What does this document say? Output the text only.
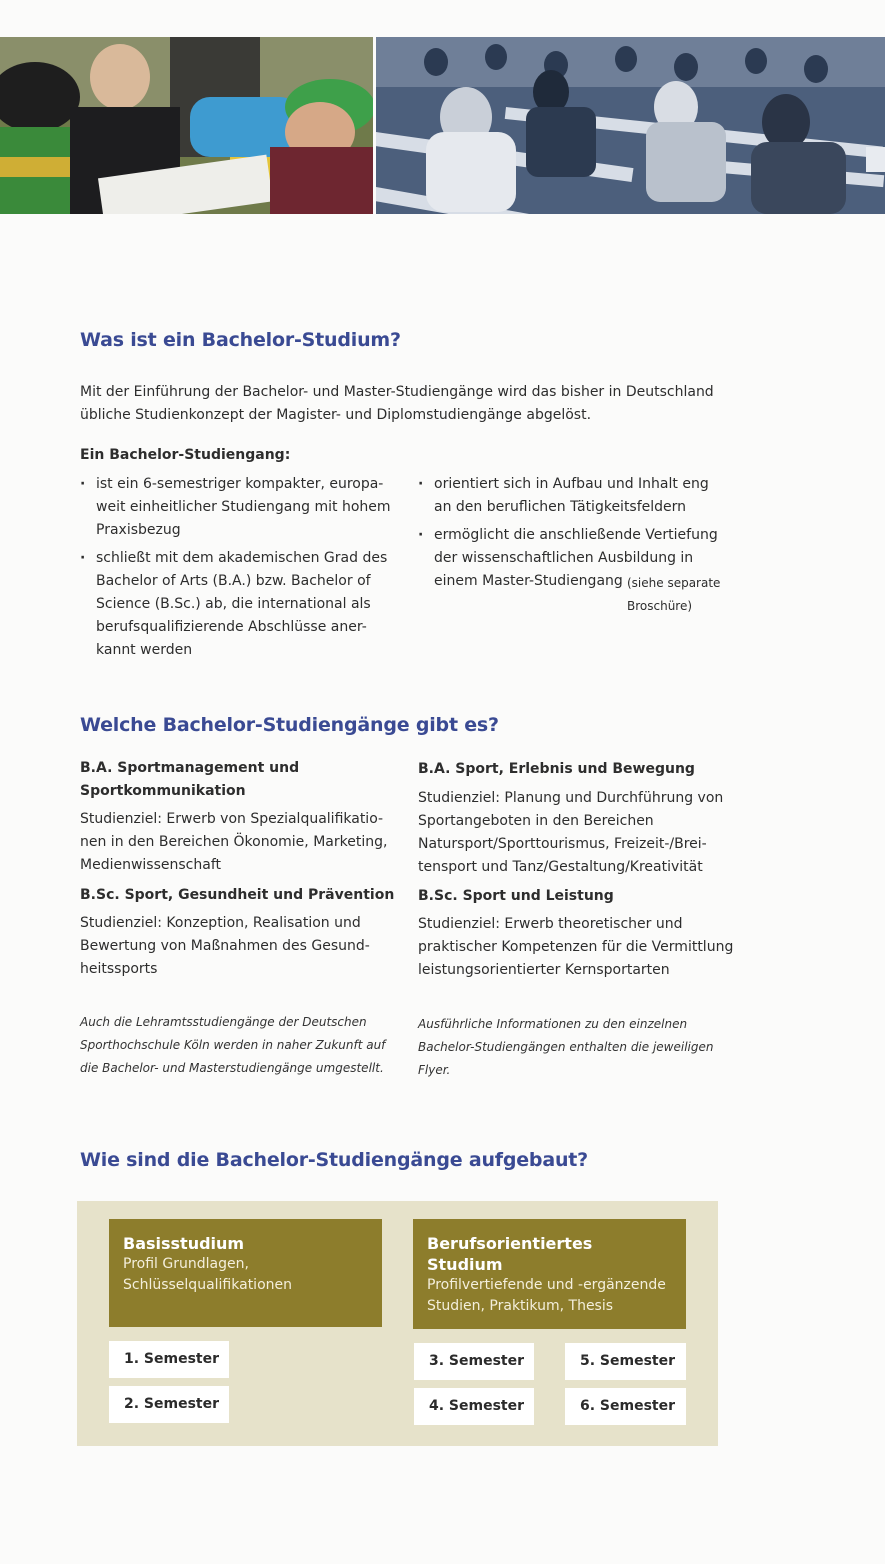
Was ist ein Bachelor-Studium?

Mit der Einführung der Bachelor- und Master-Studiengänge wird das bisher in Deutschland

übliche Studienkonzept der Magister- und Diplomstudiengänge abgelöst.

Ein Bachelor-Studiengang:

· ist ein 6-semestriger kompakter, europa-
weit einheitlicher Studiengang mit hohem
Praxisbezug
· schließt mit dem akademischen Grad des
Bachelor of Arts (B.A.) bzw. Bachelor of
Science (B.Sc.) ab, die international als
berufsqualifizierende Abschlüsse aner-
kannt werden
· orientiert sich in Aufbau und Inhalt eng
an den beruflichen Tätigkeitsfeldern
· ermöglicht die anschließende Vertiefung
der wissenschaftlichen Ausbildung in
einem Master-Studiengang (siehe separate
Broschüre)

Welche Bachelor-Studiengänge gibt es?

B.A. Sportmanagement und
Sportkommunikation

Studienziel: Erwerb von Spezialqualifikatio-
nen in den Bereichen Ökonomie, Marketing,
Medienwissenschaft

B.Sc. Sport, Gesundheit und Prävention

Studienziel: Konzeption, Realisation und
Bewertung von Maßnahmen des Gesund-
heitssports

B.A. Sport, Erlebnis und Bewegung

Studienziel: Planung und Durchführung von
Sportangeboten in den Bereichen
Natursport/Sporttourismus, Freizeit-/Brei-
tensport und Tanz/Gestaltung/Kreativität

B.Sc. Sport und Leistung

Studienziel: Erwerb theoretischer und
praktischer Kompetenzen für die Vermittlung
leistungsorientierter Kernsportarten

Auch die Lehramtsstudiengänge der Deutschen
Sporthochschule Köln werden in naher Zukunft auf
die Bachelor- und Masterstudiengänge umgestellt.

Ausführliche Informationen zu den einzelnen
Bachelor-Studiengängen enthalten die jeweiligen
Flyer.

Wie sind die Bachelor-Studiengänge aufgebaut?
Basisstudium
Profil Grundlagen,
Schlüsselqualifikationen
Berufsorientiertes Studium
Profilvertiefende und -ergänzende
Studien, Praktikum, Thesis
1. Semester
2. Semester
3. Semester
4. Semester
5. Semester
6. Semester
